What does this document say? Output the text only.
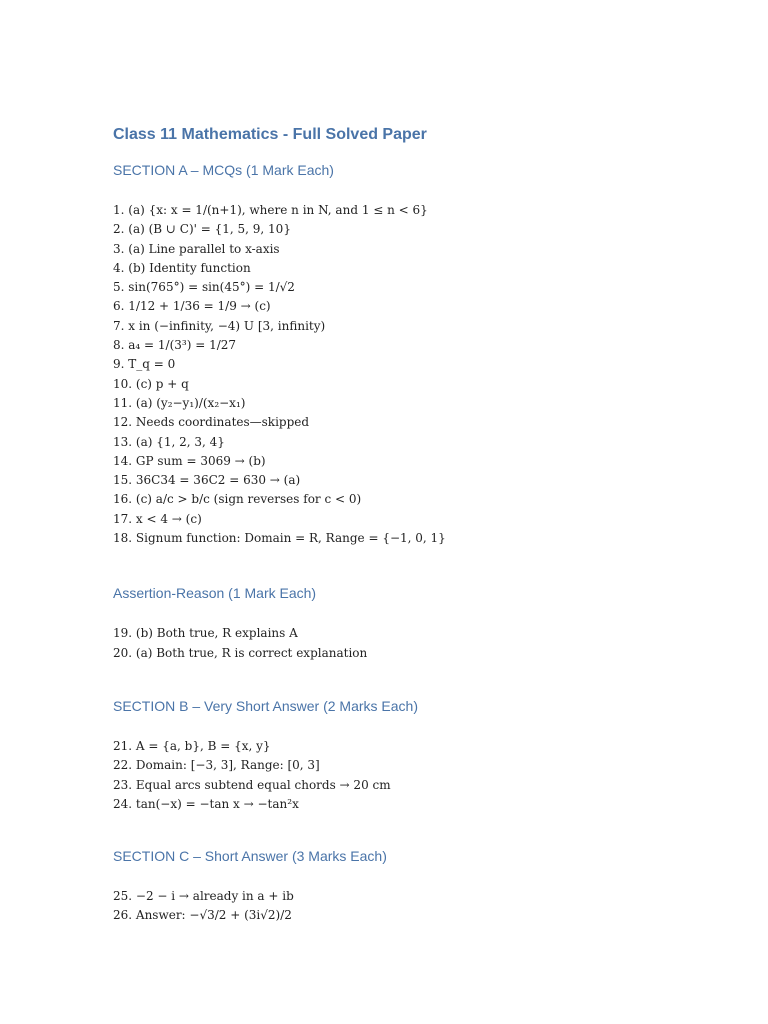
Class 11 Mathematics - Full Solved Paper
SECTION A – MCQs (1 Mark Each)
1. (a) {x: x = 1/(n+1), where n in N, and 1 ≤ n < 6}
2. (a) (B ∪ C)' = {1, 5, 9, 10}
3. (a) Line parallel to x-axis
4. (b) Identity function
5. sin(765°) = sin(45°) = 1/√2
6. 1/12 + 1/36 = 1/9 → (c)
7. x in (−infinity, −4) U [3, infinity)
8. a₄ = 1/(3³) = 1/27
9. T_q = 0
10. (c) p + q
11. (a) (y₂−y₁)/(x₂−x₁)
12. Needs coordinates—skipped
13. (a) {1, 2, 3, 4}
14. GP sum = 3069 → (b)
15. 36C34 = 36C2 = 630 → (a)
16. (c) a/c > b/c (sign reverses for c < 0)
17. x < 4 → (c)
18. Signum function: Domain = R, Range = {−1, 0, 1}
Assertion-Reason (1 Mark Each)
19. (b) Both true, R explains A
20. (a) Both true, R is correct explanation
SECTION B – Very Short Answer (2 Marks Each)
21. A = {a, b}, B = {x, y}
22. Domain: [−3, 3], Range: [0, 3]
23. Equal arcs subtend equal chords → 20 cm
24. tan(−x) = −tan x → −tan²x
SECTION C – Short Answer (3 Marks Each)
25. −2 − i → already in a + ib
26. Answer: −√3/2 + (3i√2)/2
